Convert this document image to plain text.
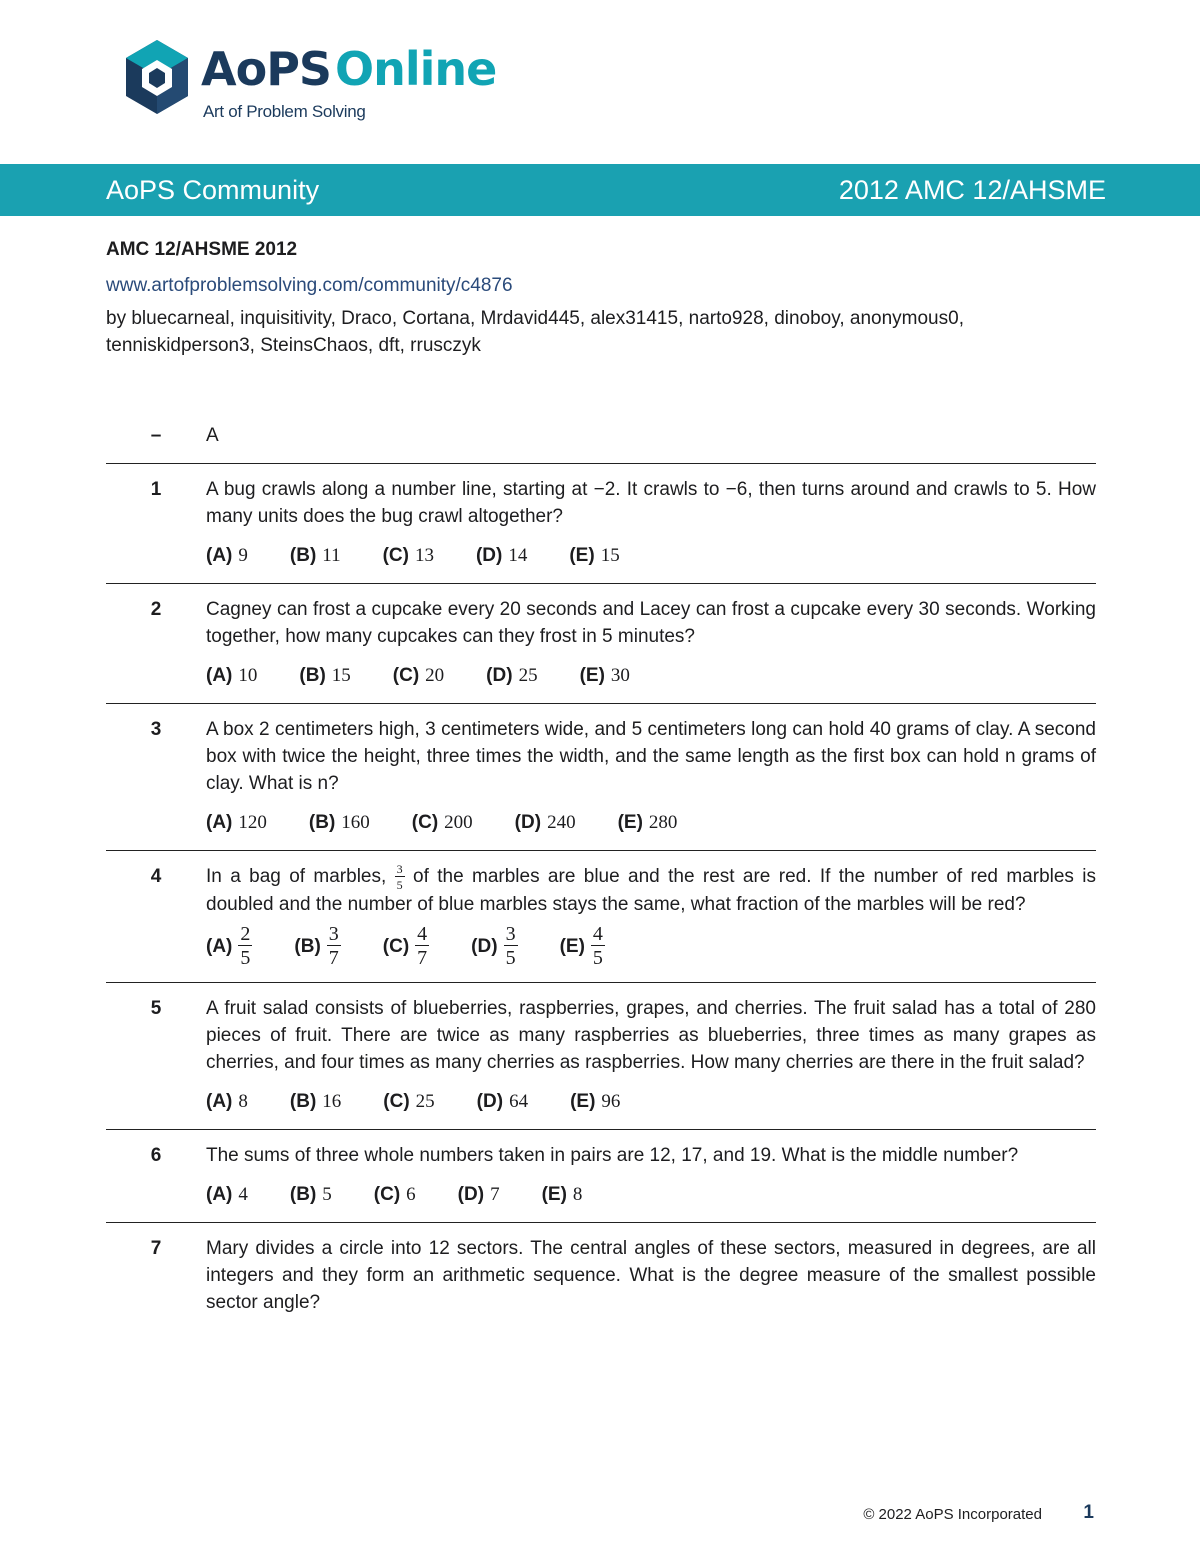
AoPSOnline
Art of Problem Solving
AoPS Community	2012 AMC 12/AHSME
AMC 12/AHSME 2012
www.artofproblemsolving.com/community/c4876
by bluecarneal, inquisitivity, Draco, Cortana, Mrdavid445, alex31415, narto928, dinoboy, anonymous0, tenniskidperson3, SteinsChaos, dft, rrusczyk
–	A
1	A bug crawls along a number line, starting at −2. It crawls to −6, then turns around and crawls to 5. How many units does the bug crawl altogether?

(A) 9 (B) 11 (C) 13 (D) 14 (E) 15
2	Cagney can frost a cupcake every 20 seconds and Lacey can frost a cupcake every 30 seconds. Working together, how many cupcakes can they frost in 5 minutes?

(A) 10 (B) 15 (C) 20 (D) 25 (E) 30
3	A box 2 centimeters high, 3 centimeters wide, and 5 centimeters long can hold 40 grams of clay. A second box with twice the height, three times the width, and the same length as the first box can hold n grams of clay. What is n?

(A) 120 (B) 160 (C) 200 (D) 240 (E) 280
4	In a bag of marbles, $\frac{3}{5}$ of the marbles are blue and the rest are red. If the number of red marbles is doubled and the number of blue marbles stays the same, what fraction of the marbles will be red?

$(A) \frac{2}{5} (B) \frac{3}{7} (C) \frac{4}{7} (D) \frac{3}{5} (E) \frac{4}{5}$
5	A fruit salad consists of blueberries, raspberries, grapes, and cherries. The fruit salad has a total of 280 pieces of fruit. There are twice as many raspberries as blueberries, three times as many grapes as cherries, and four times as many cherries as raspberries. How many cherries are there in the fruit salad?

(A) 8 (B) 16 (C) 25 (D) 64 (E) 96
6	The sums of three whole numbers taken in pairs are 12, 17, and 19. What is the middle number?

(A) 4 (B) 5 (C) 6 (D) 7 (E) 8
7	Mary divides a circle into 12 sectors. The central angles of these sectors, measured in degrees, are all integers and they form an arithmetic sequence. What is the degree measure of the smallest possible sector angle?

© 2022 AoPS Incorporated 1
